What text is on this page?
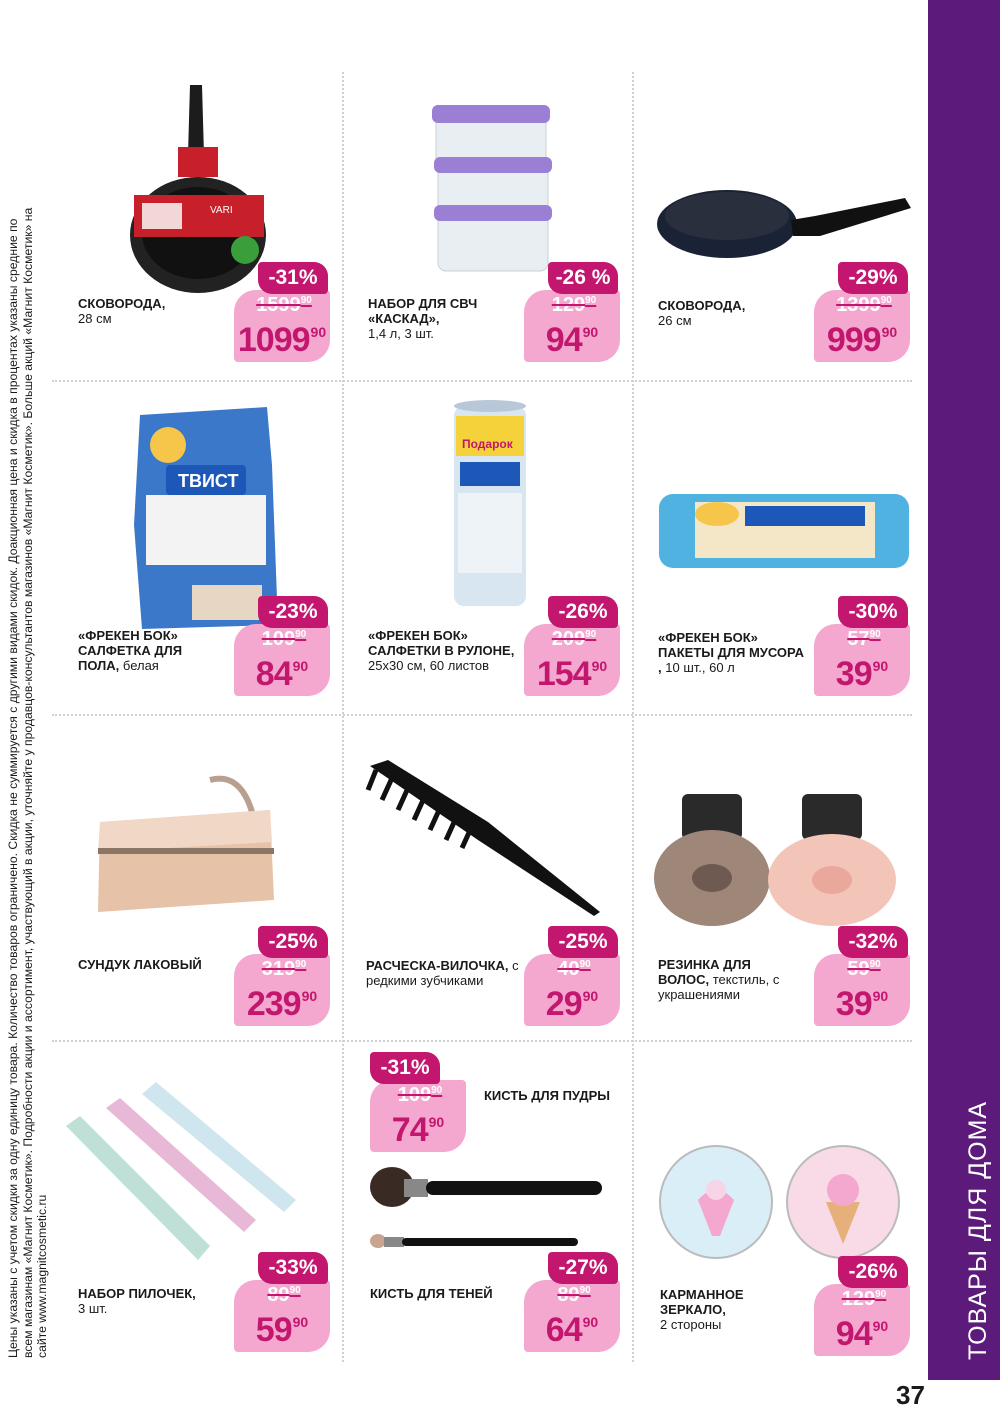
ТОВАРЫ ДЛЯ ДОМА
37
Цены указаны с учетом скидки за одну единицу товара. Количество товаров ограничено. Скидка не суммируется с другими видами скидок. Доакционная цена и скидка в процентах указаны средние по всем магазинам «Магнит Косметик». Подробности акции и ассортимент, участвующий в акции, уточняйте у продавцов-консультантов магазинов «Магнит Косметик». Больше акций «Магнит Косметик» на сайте www.magnitcosmetic.ru
VARI
СКОВОРОДА,
28 см
1599$^{90}$
1099$^{90}$
-31%
НАБОР ДЛЯ СВЧ «КАСКАД»,
1,4 л, 3 шт.
$129^{90}$
$94^{90}$
-26 %
СКОВОРОДА,
26 см
1399$^{90}$
$999^{90}$
-29%
ТВИСТ
«ФРЕКЕН БОК» САЛФЕТКА ДЛЯ ПОЛА, белая
$109^{90}$
$84^{90}$
-23%
Подарок
«ФРЕКЕН БОК» САЛФЕТКИ В РУЛОНЕ,
25х30 см, 60 листов
$209^{90}$
$154^{90}$
-26%
«ФРЕКЕН БОК» ПАКЕТЫ ДЛЯ МУСОРА , 10 шт., 60 л
$57^{90}$
$39^{90}$
-30%
СУНДУК ЛАКОВЫЙ	$319^{90}$
$239^{90}$
-25%
РАСЧЕСКА-ВИЛОЧКА, с редкими зубчиками
$40^{90}$
$29^{90}$
-25%
РЕЗИНКА ДЛЯ ВОЛОС, текстиль, с украшениями
$59^{90}$
$39^{90}$
-32%
НАБОР ПИЛОЧЕК,
3 шт.
$89^{90}$
$59^{90}$
-33%
$109^{90}$
$74^{90}$
-31%
КИСТЬ ДЛЯ ПУДРЫ
КИСТЬ ДЛЯ ТЕНЕЙ	$89^{90}$
$64^{90}$
-27%
КАРМАННОЕ ЗЕРКАЛО,
2 стороны
$129^{90}$
$94^{90}$
-26%
